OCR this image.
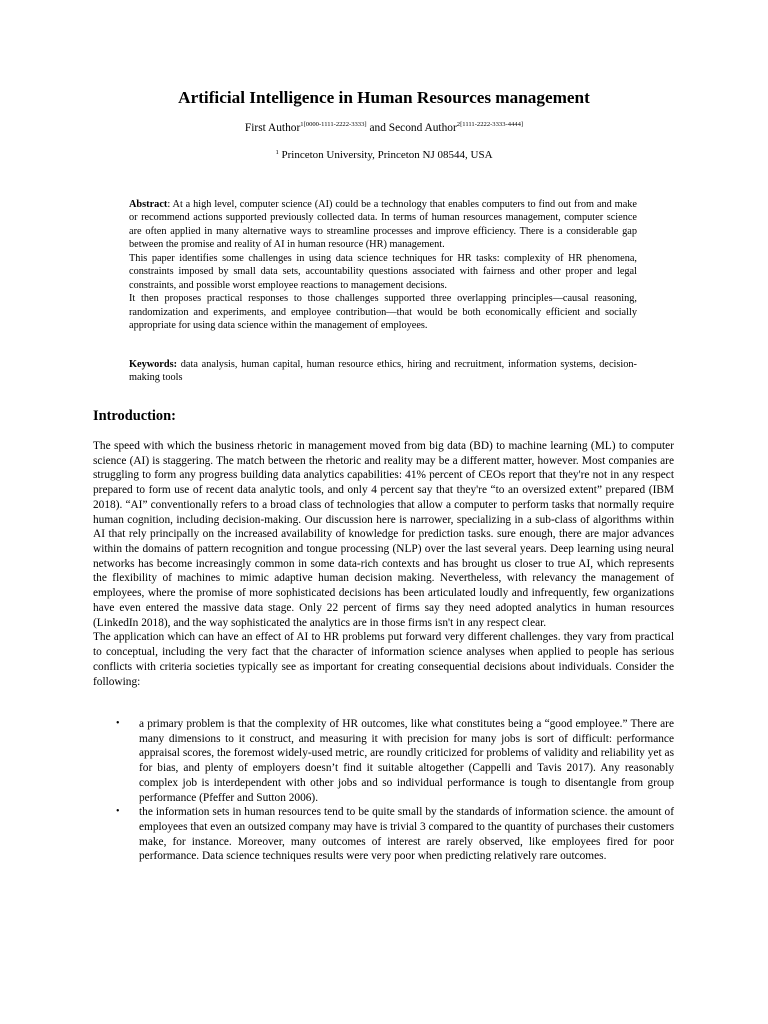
Artificial Intelligence in Human Resources management
First Author$^{1[0000-1111-2222-3333]}$ and Second Author$^{2[1111-2222-3333-4444]}$
$^1$ Princeton University, Princeton NJ 08544, USA

Abstract: At a high level, computer science (AI) could be a technology that enables computers to find out from and make or recommend actions supported previously collected data. In terms of human resources management, computer science are often applied in many alternative ways to streamline processes and improve efficiency. There is a considerable gap between the promise and reality of AI in human resource (HR) management.

This paper identifies some challenges in using data science techniques for HR tasks: complexity of HR phenomena, constraints imposed by small data sets, accountability questions associated with fairness and other proper and legal constraints, and possible worst employee reactions to management decisions.

It then proposes practical responses to those challenges supported three overlapping principles—causal reasoning, randomization and experiments, and employee contribution—that would be both economically efficient and socially appropriate for using data science within the management of employees.

Keywords: data analysis, human capital, human resource ethics, hiring and recruitment, information systems, decision-making tools
Introduction:

The speed with which the business rhetoric in management moved from big data (BD) to machine learning (ML) to computer science (AI) is staggering. The match between the rhetoric and reality may be a different matter, however. Most companies are struggling to form any progress building data analytics capabilities: 41% percent of CEOs report that they're not in any respect prepared to form use of recent data analytic tools, and only 4 percent say that they're “to an oversized extent” prepared (IBM 2018). “AI” conventionally refers to a broad class of technologies that allow a computer to perform tasks that normally require human cognition, including decision-making. Our discussion here is narrower, specializing in a sub-class of algorithms within AI that rely principally on the increased availability of knowledge for prediction tasks. sure enough, there are major advances within the domains of pattern recognition and tongue processing (NLP) over the last several years. Deep learning using neural networks has become increasingly common in some data-rich contexts and has brought us closer to true AI, which represents the flexibility of machines to mimic adaptive human decision making. Nevertheless, with relevancy the management of employees, where the promise of more sophisticated decisions has been articulated loudly and infrequently, few organizations have even entered the massive data stage. Only 22 percent of firms say they need adopted analytics in human resources (LinkedIn 2018), and the way sophisticated the analytics are in those firms isn't in any respect clear.

The application which can have an effect of AI to HR problems put forward very different challenges. they vary from practical to conceptual, including the very fact that the character of information science analyses when applied to people has serious conflicts with criteria societies typically see as important for creating consequential decisions about individuals. Consider the following:

• a primary problem is that the complexity of HR outcomes, like what constitutes being a “good employee.” There are many dimensions to it construct, and measuring it with precision for many jobs is sort of difficult: performance appraisal scores, the foremost widely-used metric, are roundly criticized for problems of validity and reliability yet as for bias, and plenty of employers doesn’t find it suitable altogether (Cappelli and Tavis 2017). Any reasonably complex job is interdependent with other jobs and so individual performance is tough to disentangle from group performance (Pfeffer and Sutton 2006).
• the information sets in human resources tend to be quite small by the standards of information science. the amount of employees that even an outsized company may have is trivial 3 compared to the quantity of purchases their customers make, for instance. Moreover, many outcomes of interest are rarely observed, like employees fired for poor performance. Data science techniques results were very poor when predicting relatively rare outcomes.
